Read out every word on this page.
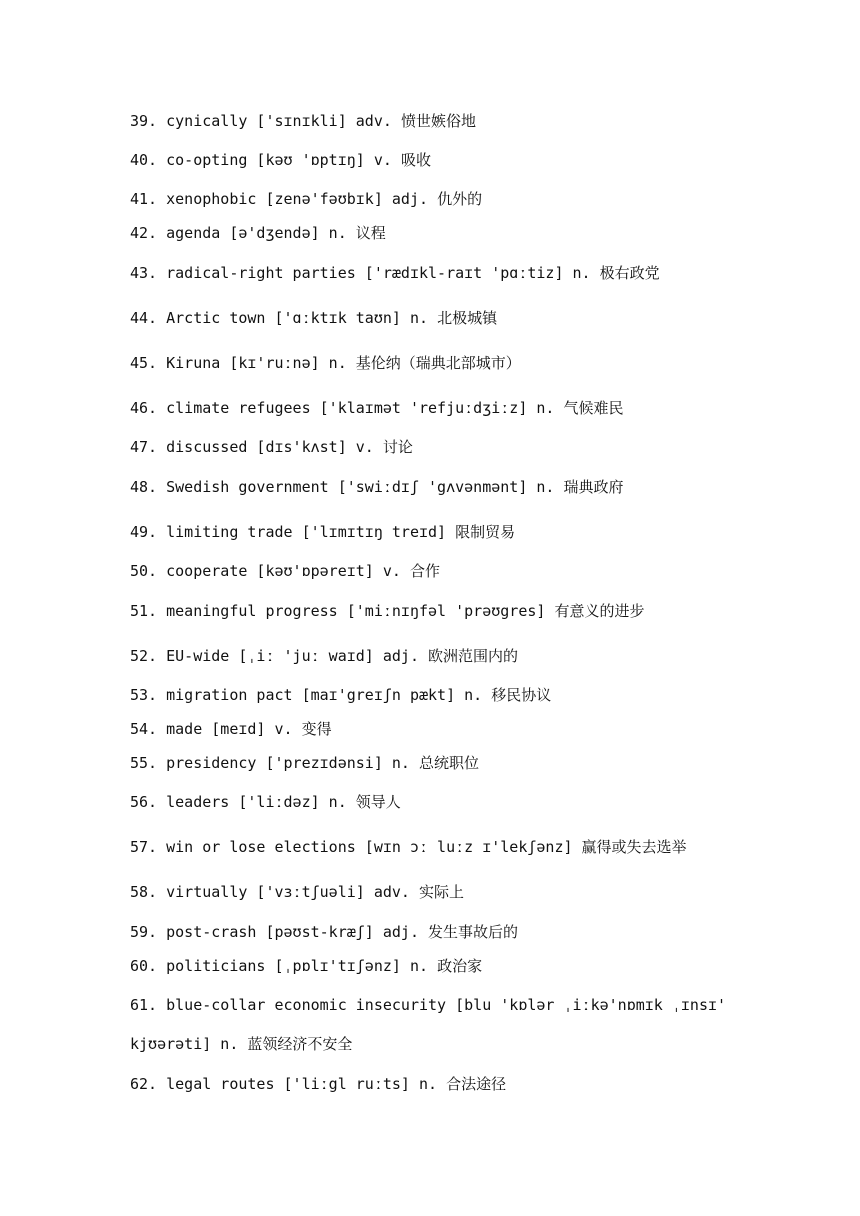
39. cynically ['sɪnɪkli] adv. 愤世嫉俗地
40. co-opting [kəʊ 'ɒptɪŋ] v. 吸收
41. xenophobic [zenə'fəʊbɪk] adj. 仇外的
42. agenda [ə'dʒendə] n. 议程
43. radical-right parties ['rædɪkl-raɪt 'pɑːtiz] n. 极右政党
44. Arctic town ['ɑːktɪk taʊn] n. 北极城镇
45. Kiruna [kɪ'ruːnə] n. 基伦纳（瑞典北部城市）
46. climate refugees ['klaɪmət 'refjuːdʒiːz] n. 气候难民
47. discussed [dɪs'kʌst] v. 讨论
48. Swedish government ['swiːdɪʃ 'gʌvənmənt] n. 瑞典政府
49. limiting trade ['lɪmɪtɪŋ treɪd] 限制贸易
50. cooperate [kəʊ'ɒpəreɪt] v. 合作
51. meaningful progress ['miːnɪŋfəl 'prəʊgres] 有意义的进步
52. EU-wide [ˌiː 'juː waɪd] adj. 欧洲范围内的
53. migration pact [maɪ'greɪʃn pækt] n. 移民协议
54. made [meɪd] v. 变得
55. presidency ['prezɪdənsi] n. 总统职位
56. leaders ['liːdəz] n. 领导人
57. win or lose elections [wɪn ɔː luːz ɪ'lekʃənz] 赢得或失去选举
58. virtually ['vɜːtʃuəli] adv. 实际上
59. post-crash [pəʊst-kræʃ] adj. 发生事故后的
60. politicians [ˌpɒlɪ'tɪʃənz] n. 政治家
61. blue-collar economic insecurity [blu 'kɒlər ˌiːkə'nɒmɪk ˌɪnsɪ'
kjʊərəti] n. 蓝领经济不安全
62. legal routes ['liːgl ruːts] n. 合法途径
